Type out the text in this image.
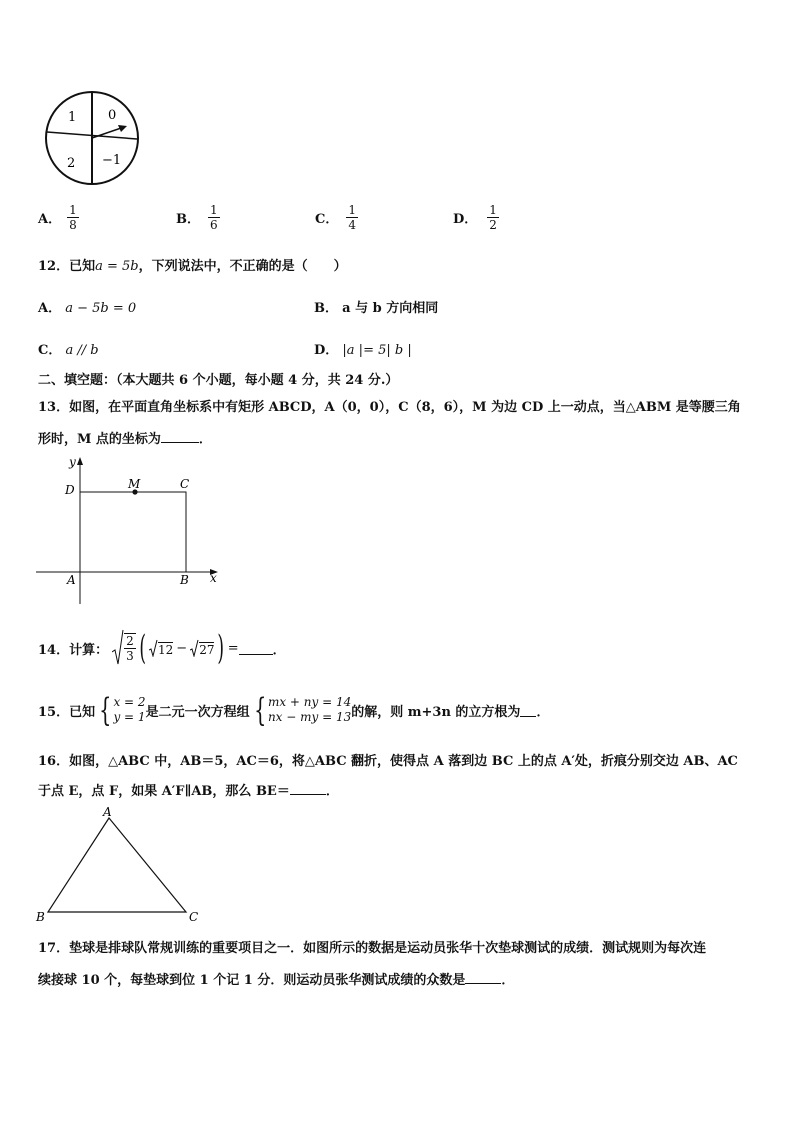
1 0
2 −1
A． $\frac{1}{8}$	B． $\frac{1}{6}$	C． $\frac{1}{4}$	D． $\frac{1}{2}$
12．已知a = 5b，下列说法中，不正确的是（　　）
A． a − 5b = 0	B． a 与 b 方向相同
C． a // b	D． |a |= 5| b |
二、填空题：（本大题共 6 个小题，每小题 4 分，共 24 分.）
13．如图，在平面直角坐标系中有矩形 ABCD，A（0，0），C（8，6），M 为边 CD 上一动点，当△ABM 是等腰三角
形时，M 点的坐标为	．
y
x
D	M	C
A	B
14．计算： $\frac{2}{3}$ ( 12 − 27 ) =	．
15．已知 { x = 2
y = 1 是二元一次方程组 { mx + ny = 14
nx − my = 13 的解，则 m+3n 的立方根为 ．
16．如图，△ABC 中，AB＝5，AC＝6，将△ABC 翻折，使得点 A 落到边 BC 上的点 A′处，折痕分别交边 AB、AC
于点 E，点 F，如果 A′F∥AB，那么 BE＝	．
A
B	C
17．垫球是排球队常规训练的重要项目之一．如图所示的数据是运动员张华十次垫球测试的成绩．测试规则为每次连
续接球 10 个，每垫球到位 1 个记 1 分．则运动员张华测试成绩的众数是	．
